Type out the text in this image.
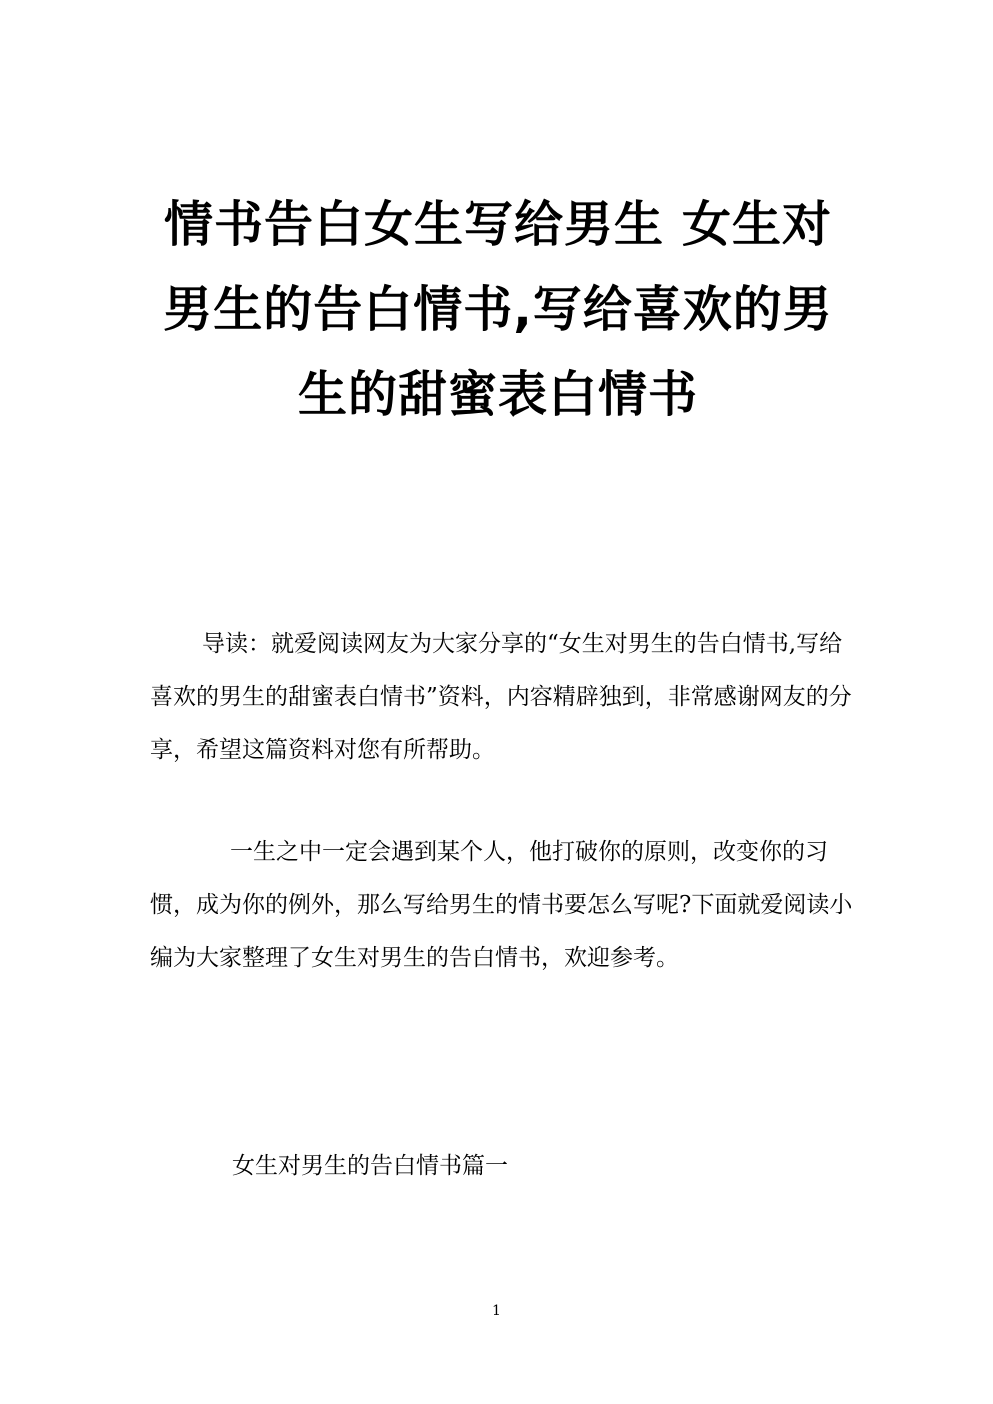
情书告白女生写给男生 女生对男生的告白情书,写给喜欢的男生的甜蜜表白情书

导读：就爱阅读网友为大家分享的“女生对男生的告白情书,写给喜欢的男生的甜蜜表白情书”资料，内容精辟独到，非常感谢网友的分享，希望这篇资料对您有所帮助。

一生之中一定会遇到某个人，他打破你的原则，改变你的习惯，成为你的例外，那么写给男生的情书要怎么写呢?下面就爱阅读小编为大家整理了女生对男生的告白情书，欢迎参考。

女生对男生的告白情书篇一
1
